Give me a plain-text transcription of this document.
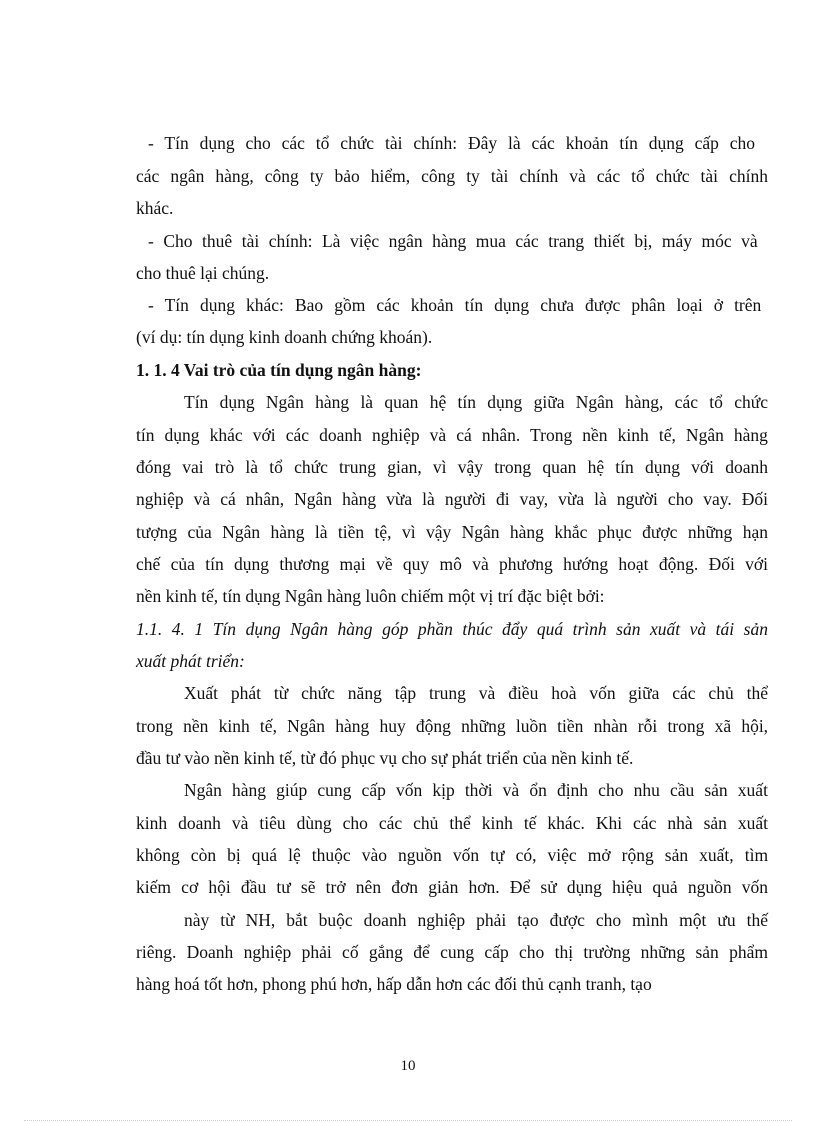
- Tín dụng cho các tổ chức tài chính: Đây là các khoản tín dụng cấp cho
các ngân hàng, công ty bảo hiểm, công ty tài chính và các tổ chức tài chính
khác.
- Cho thuê tài chính: Là việc ngân hàng mua các trang thiết bị, máy móc và
cho thuê lại chúng.
- Tín dụng khác: Bao gồm các khoản tín dụng chưa được phân loại ở trên
(ví dụ: tín dụng kinh doanh chứng khoán).
1. 1. 4 Vai trò của tín dụng ngân hàng:
Tín dụng Ngân hàng là quan hệ tín dụng giữa Ngân hàng, các tổ chức
tín dụng khác với các doanh nghiệp và cá nhân. Trong nền kinh tế, Ngân hàng
đóng vai trò là tổ chức trung gian, vì vậy trong quan hệ tín dụng với doanh
nghiệp và cá nhân, Ngân hàng vừa là người đi vay, vừa là người cho vay. Đối
tượng của Ngân hàng là tiền tệ, vì vậy Ngân hàng khắc phục được những hạn
chế của tín dụng thương mại về quy mô và phương hướng hoạt động. Đối với
nền kinh tế, tín dụng Ngân hàng luôn chiếm một vị trí đặc biệt bởi:
1.1. 4. 1 Tín dụng Ngân hàng góp phần thúc đẩy quá trình sản xuất và tái sản
xuất phát triển:
Xuất phát từ chức năng tập trung và điều hoà vốn giữa các chủ thể
trong nền kinh tế, Ngân hàng huy động những luồn tiền nhàn rỗi trong xã hội,
đầu tư vào nền kinh tế, từ đó phục vụ cho sự phát triển của nền kinh tế.
Ngân hàng giúp cung cấp vốn kịp thời và ổn định cho nhu cầu sản xuất
kinh doanh và tiêu dùng cho các chủ thể kinh tế khác. Khi các nhà sản xuất
không còn bị quá lệ thuộc vào nguồn vốn tự có, việc mở rộng sản xuất, tìm
kiếm cơ hội đầu tư sẽ trở nên đơn giản hơn. Để sử dụng hiệu quả nguồn vốn
này từ NH, bắt buộc doanh nghiệp phải tạo được cho mình một ưu thế
riêng. Doanh nghiệp phải cố gắng để cung cấp cho thị trường những sản phẩm
hàng hoá tốt hơn, phong phú hơn, hấp dẫn hơn các đối thủ cạnh tranh, tạo
10
